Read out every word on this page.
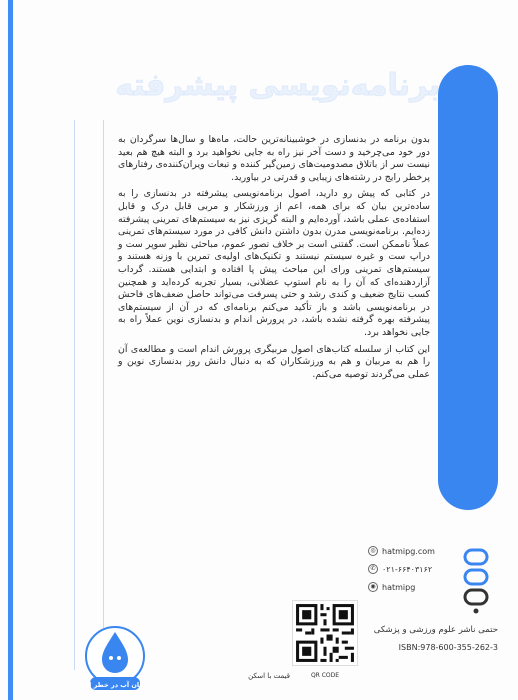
برنامه‌نویسی پیشرفته

بدون برنامه در بدنسازی در خوشبینانه‌ترین حالت، ماه‌ها و سال‌ها سرگردان به دور خود می‌چرخید و دست آخر نیز راه به جایی نخواهید برد و البته هیچ هم بعید نیست سر از باتلاق مصدومیت‌های زمین‌گیر کننده و تبعات ویران‌کننده‌ی رفتارهای پرخطر رایج در رشته‌های زیبایی و قدرتی در بیاورید.

در کتابی که پیش رو دارید، اصول برنامه‌نویسی پیشرفته در بدنسازی را به ساده‌ترین بیان که برای همه، اعم از ورزشکار و مربی قابل درک و قابل استفاده‌ی عملی باشد، آورده‌ایم و البته گریزی نیز به سیستم‌های تمرینی پیشرفته زده‌ایم. برنامه‌نویسی مدرن بدون داشتن دانش کافی در مورد سیستم‌های تمرینی عملاً ناممکن است. گفتنی است بر خلاف تصور عموم، مباحثی نظیر سوپر ست و دراپ ست و غیره سیستم نیستند و تکنیک‌های اولیه‌ی تمرین با وزنه هستند و سیستم‌های تمرینی ورای این مباحث پیش پا افتاده و ابتدایی هستند. گرداب آزاردهنده‌ای که آن را به نام استوپ عضلانی، بسیار تجربه کرده‌اید و همچنین کسب نتایج ضعیف و کندی رشد و حتی پسرفت می‌تواند حاصل ضعف‌های فاحش در برنامه‌نویسی باشد و باز تأکید می‌کنم برنامه‌ای که در آن از سیستم‌های پیشرفته بهره گرفته نشده باشد، در پرورش اندام و بدنسازی نوین عملاً راه به جایی نخواهد برد.

این کتاب از سلسله کتاب‌های اصول مربیگری پرورش اندام است و مطالعه‌ی آن را هم به مربیان و هم به ورزشکاران که به دنبال دانش روز بدنسازی نوین و عملی می‌گردند توصیه می‌کنم.

◎ hatmipg.com
✆ ۰۲۱-۶۶۴۰۳۱۶۲
◉ hatmipg
حتمی ناشر علوم ورزشی و پزشکی
ISBN:978-600-355-262-3
QR CODE
قیمت با اسکن
جان آب در خطر است
